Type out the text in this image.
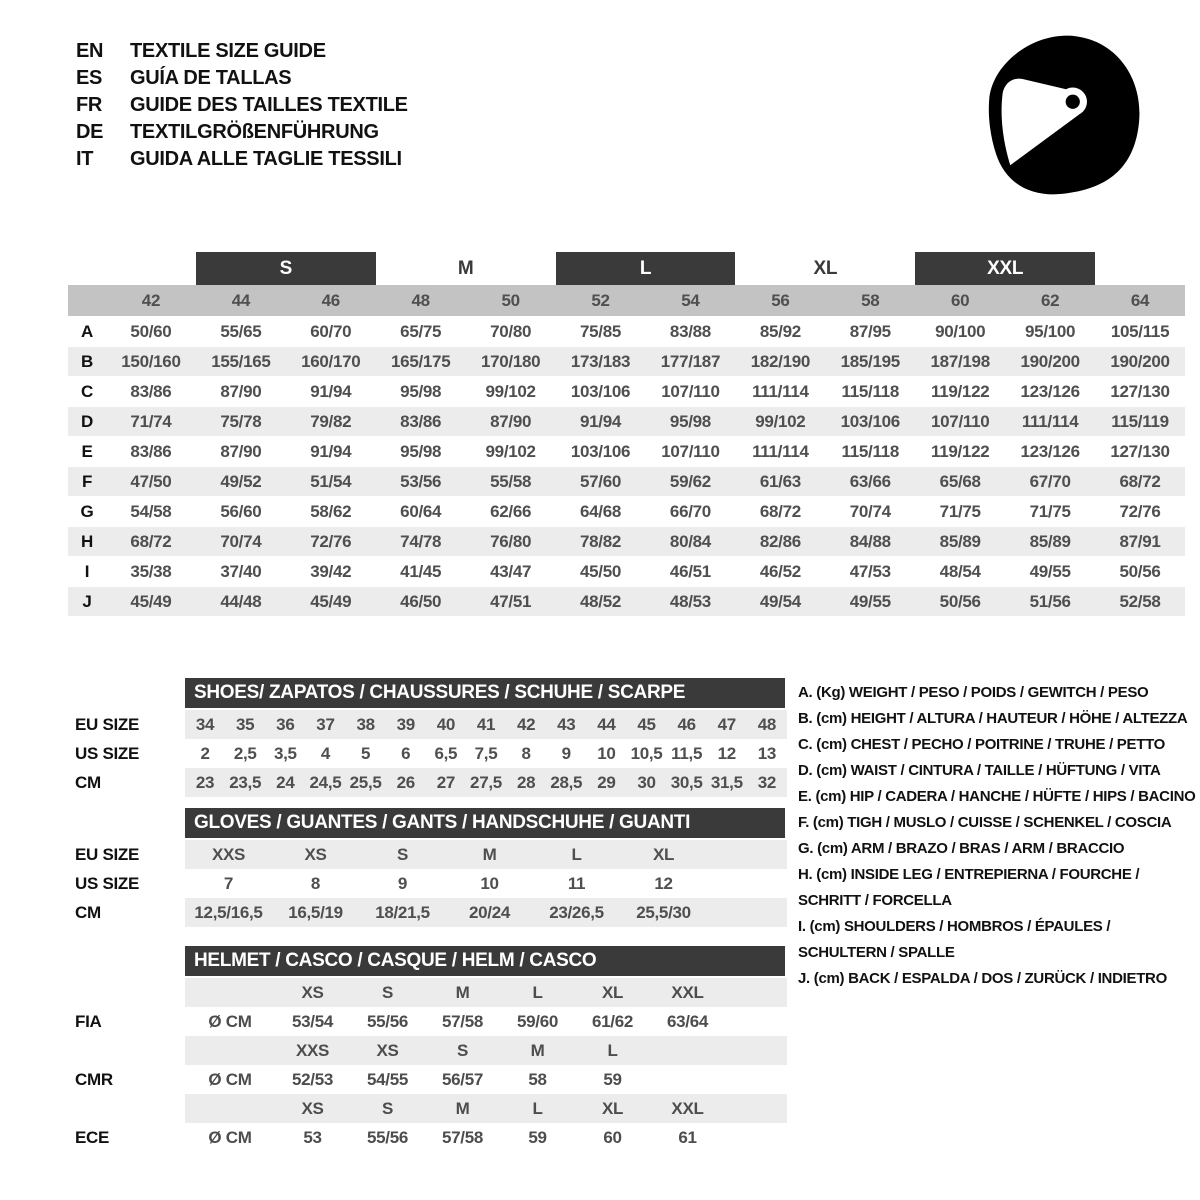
EN	TEXTILE SIZE GUIDE
ES	GUÍA DE TALLAS
FR	GUIDE DES TAILLES TEXTILE
DE	TEXTILGRÖßENFÜHRUNG
IT	GUIDA ALLE TAGLIE TESSILI
S	M	L	XL	XXL
42	44	46	48	50	52	54	56	58	60	62	64
A	50/60	55/65	60/70	65/75	70/80	75/85	83/88	85/92	87/95	90/100	95/100	105/115
B	150/160	155/165	160/170	165/175	170/180	173/183	177/187	182/190	185/195	187/198	190/200	190/200
C	83/86	87/90	91/94	95/98	99/102	103/106	107/110	111/114	115/118	119/122	123/126	127/130
D	71/74	75/78	79/82	83/86	87/90	91/94	95/98	99/102	103/106	107/110	111/114	115/119
E	83/86	87/90	91/94	95/98	99/102	103/106	107/110	111/114	115/118	119/122	123/126	127/130
F	47/50	49/52	51/54	53/56	55/58	57/60	59/62	61/63	63/66	65/68	67/70	68/72
G	54/58	56/60	58/62	60/64	62/66	64/68	66/70	68/72	70/74	71/75	71/75	72/76
H	68/72	70/74	72/76	74/78	76/80	78/82	80/84	82/86	84/88	85/89	85/89	87/91
I	35/38	37/40	39/42	41/45	43/47	45/50	46/51	46/52	47/53	48/54	49/55	50/56
J	45/49	44/48	45/49	46/50	47/51	48/52	48/53	49/54	49/55	50/56	51/56	52/58
SHOES/ ZAPATOS / CHAUSSURES / SCHUHE / SCARPE
EU SIZE	34	35	36	37	38	39	40	41	42	43	44	45	46	47	48
US SIZE	2	2,5	3,5	4	5	6	6,5	7,5	8	9	10 10,5 11,5 12	13
CM	23 23,5 24 24,5 25,5 26	27 27,5 28 28,5 29	30 30,5 31,5 32
GLOVES / GUANTES / GANTS / HANDSCHUHE / GUANTI
EU SIZE	XXS	XS	S	M	L	XL
US SIZE	7	8	9	10	11	12
CM	12,5/16,5	16,5/19	18/21,5	20/24	23/26,5	25,5/30
HELMET / CASCO / CASQUE / HELM / CASCO
XS	S	M	L	XL	XXL
FIA	Ø CM	53/54	55/56	57/58	59/60	61/62	63/64
XXS	XS	S	M	L
CMR	Ø CM	52/53	54/55	56/57	58	59
XS	S	M	L	XL	XXL
ECE	Ø CM	53	55/56	57/58	59	60	61
A. (Kg) WEIGHT / PESO / POIDS / GEWITCH / PESO
B. (cm) HEIGHT / ALTURA / HAUTEUR / HÖHE / ALTEZZA
C. (cm) CHEST / PECHO / POITRINE / TRUHE / PETTO
D. (cm) WAIST / CINTURA / TAILLE / HÜFTUNG / VITA
E. (cm) HIP / CADERA / HANCHE / HÜFTE / HIPS / BACINO
F. (cm) TIGH / MUSLO / CUISSE / SCHENKEL / COSCIA
G. (cm) ARM / BRAZO / BRAS / ARM / BRACCIO
H. (cm) INSIDE LEG / ENTREPIERNA / FOURCHE / SCHRITT / FORCELLA
I. (cm) SHOULDERS / HOMBROS / ÉPAULES / SCHULTERN / SPALLE
J. (cm) BACK / ESPALDA / DOS / ZURÜCK / INDIETRO
